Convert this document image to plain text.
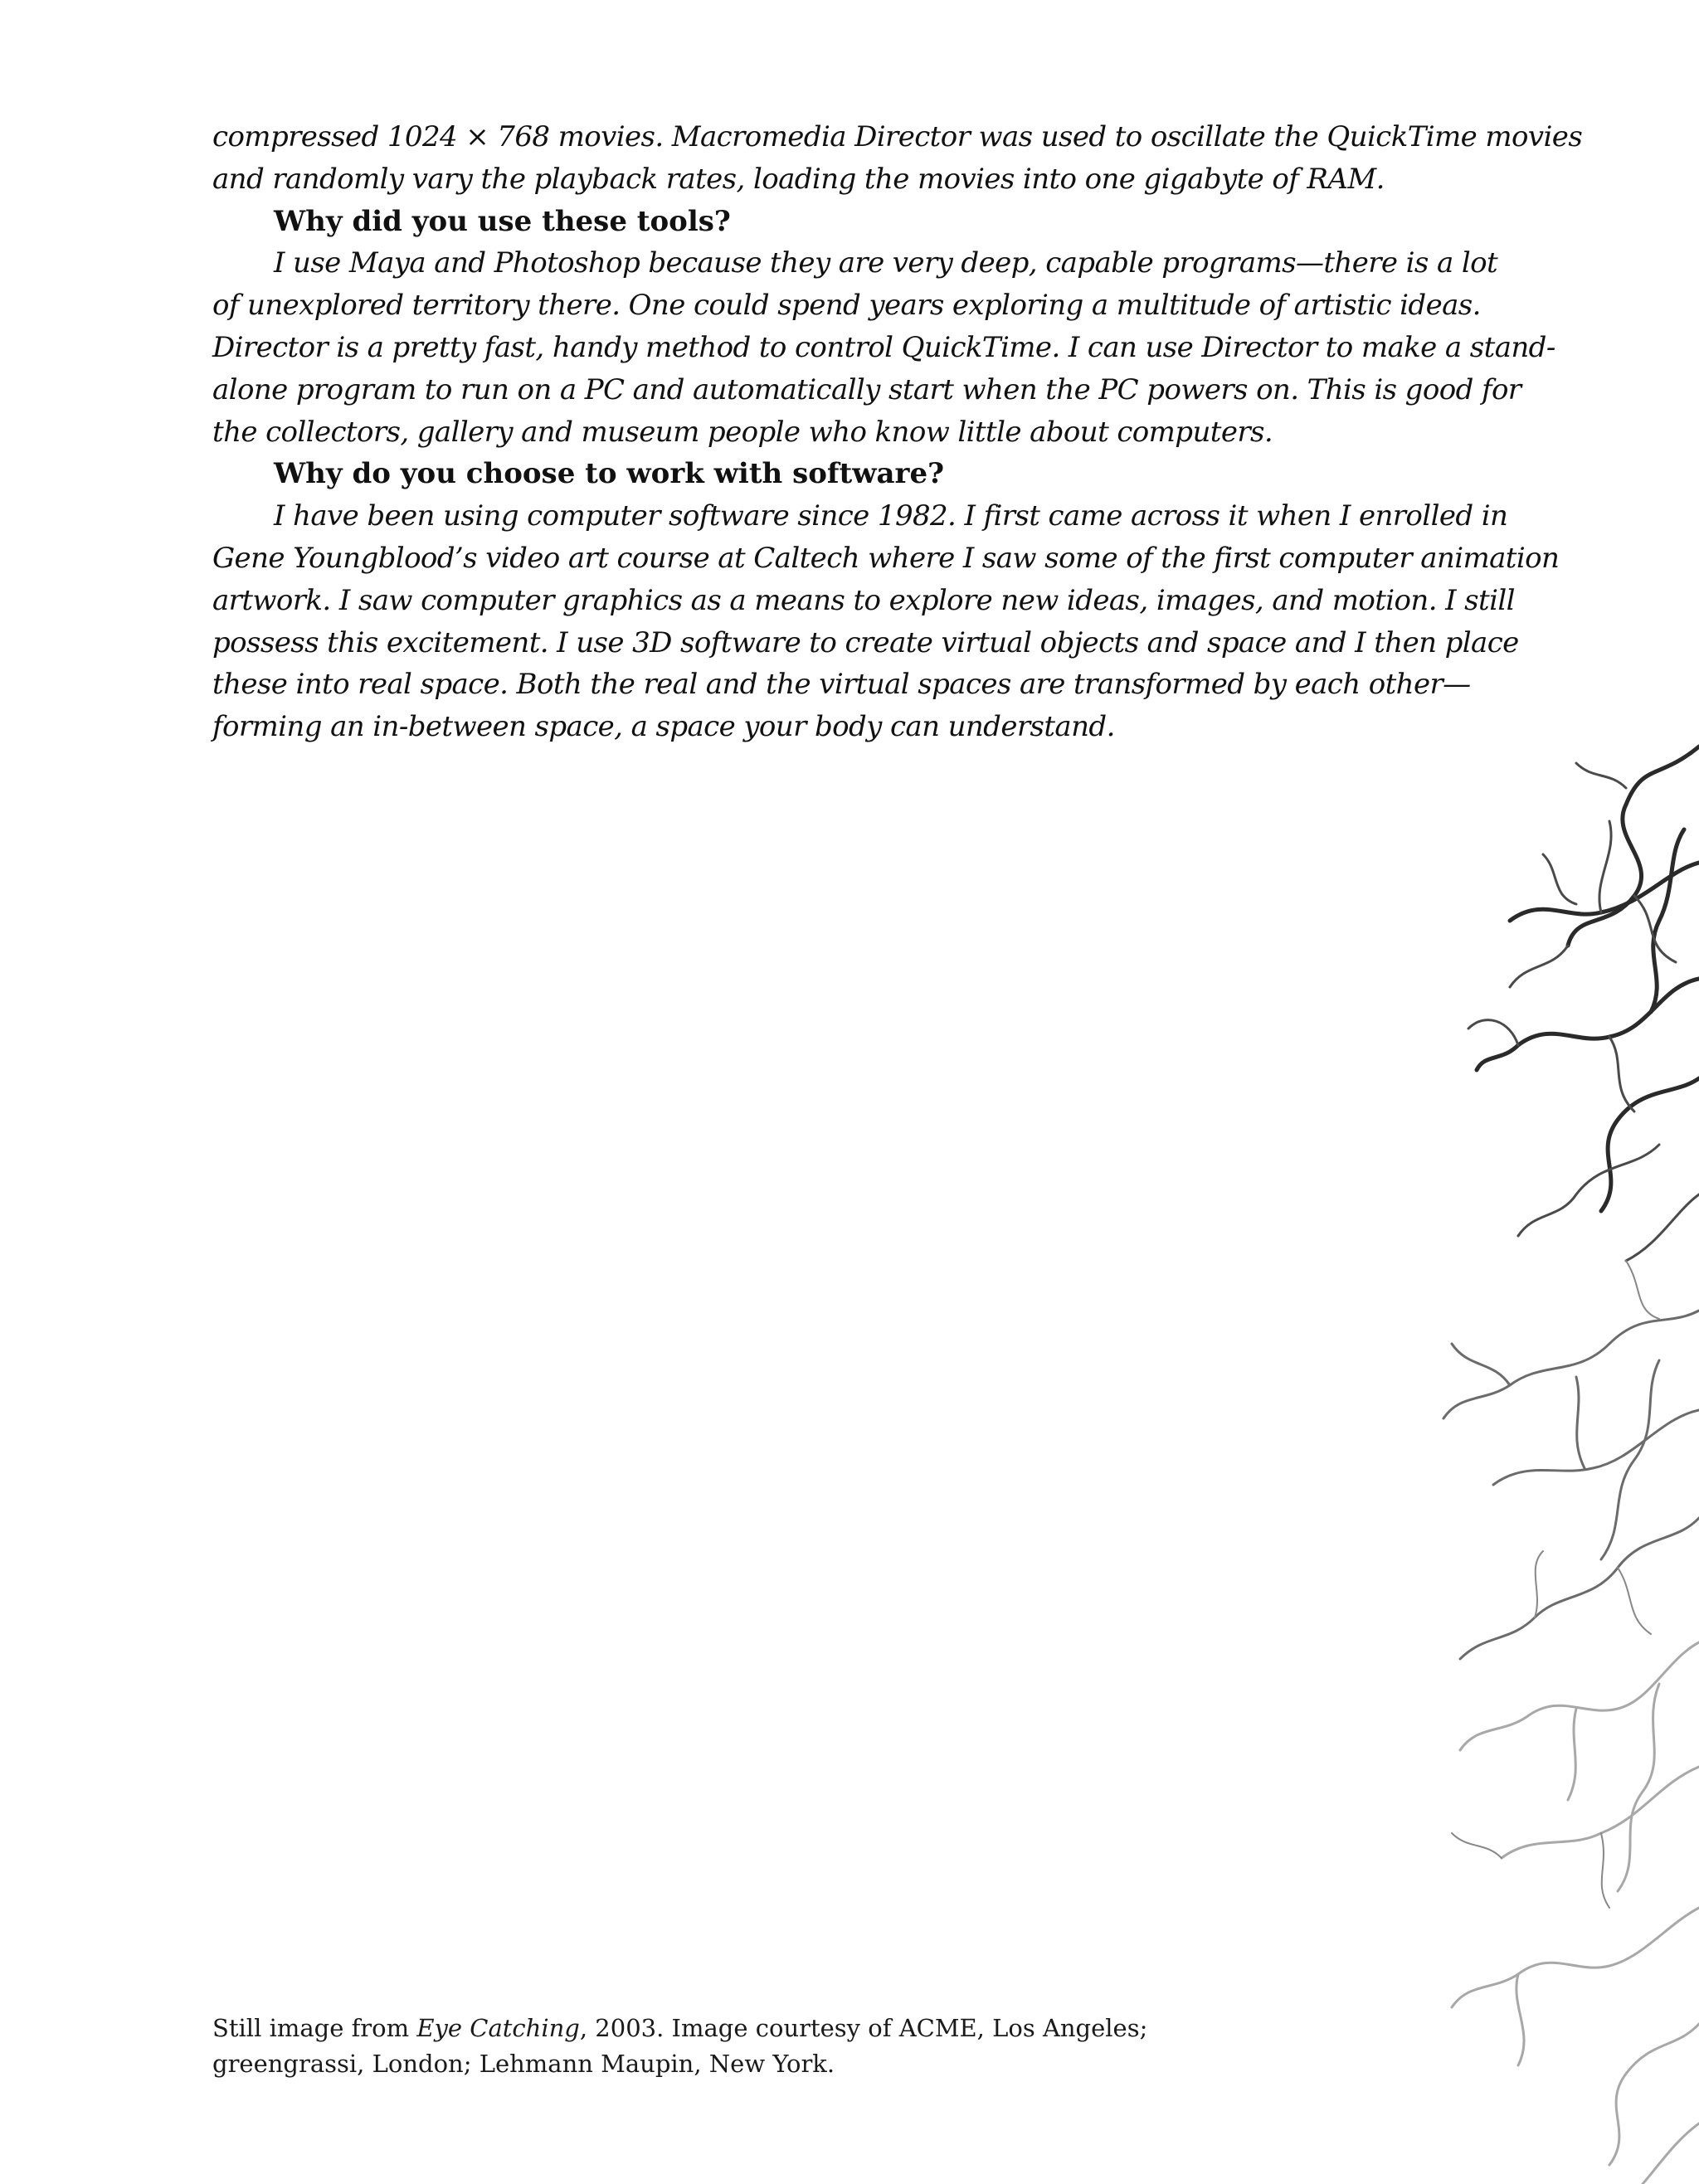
compressed 1024 × 768 movies. Macromedia Director was used to oscillate the QuickTime movies

and randomly vary the playback rates, loading the movies into one gigabyte of RAM.

Why did you use these tools?

I use Maya and Photoshop because they are very deep, capable programs—there is a lot

of unexplored territory there. One could spend years exploring a multitude of artistic ideas.

Director is a pretty fast, handy method to control QuickTime. I can use Director to make a stand-

alone program to run on a PC and automatically start when the PC powers on. This is good for

the collectors, gallery and museum people who know little about computers.

Why do you choose to work with software?

I have been using computer software since 1982. I first came across it when I enrolled in

Gene Youngblood’s video art course at Caltech where I saw some of the first computer animation

artwork. I saw computer graphics as a means to explore new ideas, images, and motion. I still

possess this excitement. I use 3D software to create virtual objects and space and I then place

these into real space. Both the real and the virtual spaces are transformed by each other—

forming an in-between space, a space your body can understand.

Still image from Eye Catching, 2003. Image courtesy of ACME, Los Angeles;

greengrassi, London; Lehmann Maupin, New York.
